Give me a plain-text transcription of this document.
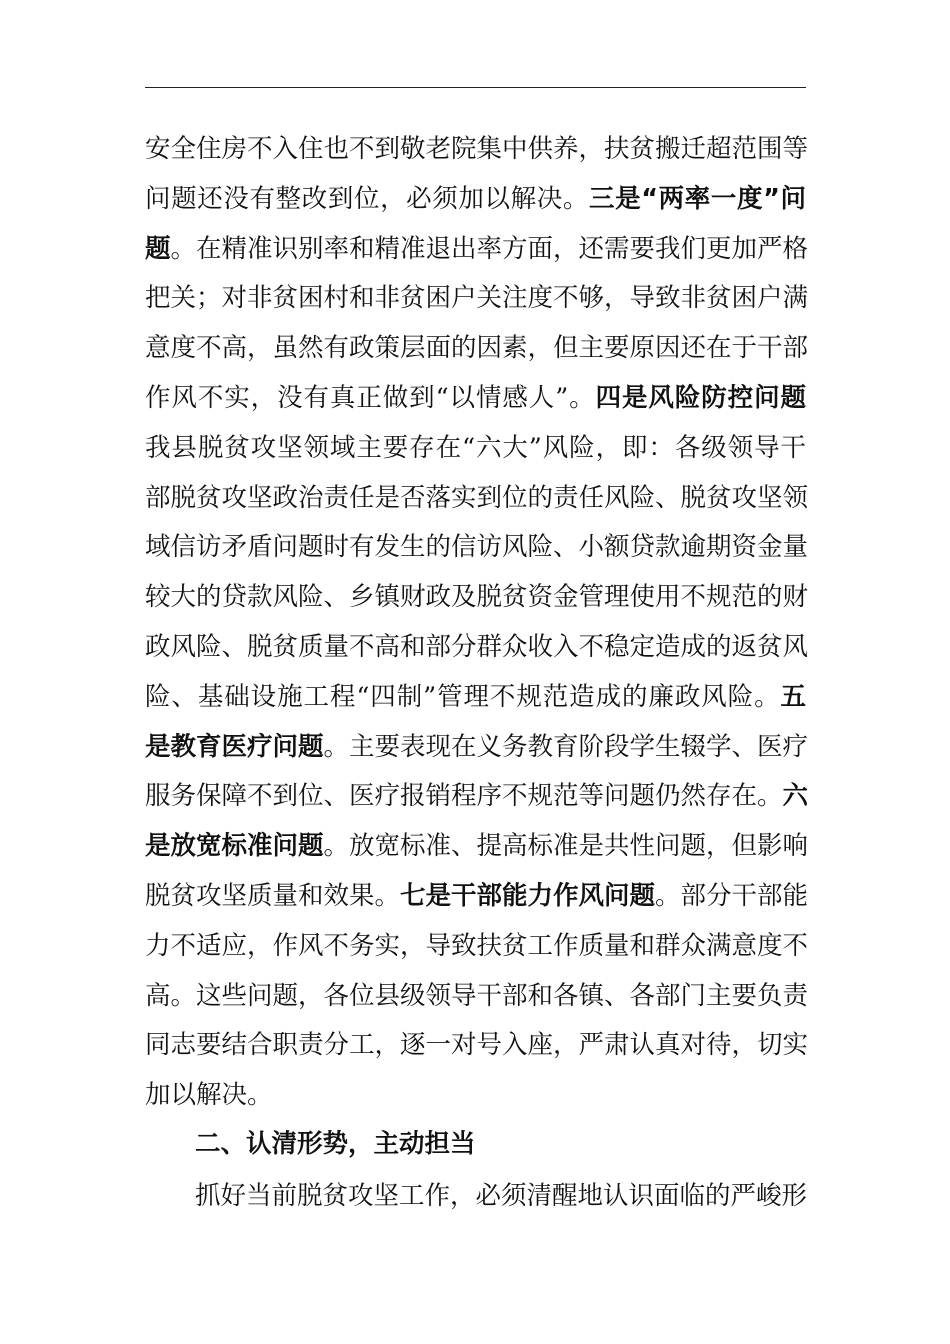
安全住房不入住也不到敬老院集中供养，扶贫搬迁超范围等
问题还没有整改到位，必须加以解决。三是“两率一度”问
题。在精准识别率和精准退出率方面，还需要我们更加严格
把关；对非贫困村和非贫困户关注度不够，导致非贫困户满
意度不高，虽然有政策层面的因素，但主要原因还在于干部
作风不实，没有真正做到“以情感人”。四是风险防控问题
我县脱贫攻坚领域主要存在“六大”风险，即：各级领导干
部脱贫攻坚政治责任是否落实到位的责任风险、脱贫攻坚领
域信访矛盾问题时有发生的信访风险、小额贷款逾期资金量
较大的贷款风险、乡镇财政及脱贫资金管理使用不规范的财
政风险、脱贫质量不高和部分群众收入不稳定造成的返贫风
险、基础设施工程“四制”管理不规范造成的廉政风险。五
是教育医疗问题。主要表现在义务教育阶段学生辍学、医疗
服务保障不到位、医疗报销程序不规范等问题仍然存在。六
是放宽标准问题。放宽标准、提高标准是共性问题，但影响
脱贫攻坚质量和效果。七是干部能力作风问题。部分干部能
力不适应，作风不务实，导致扶贫工作质量和群众满意度不
高。这些问题，各位县级领导干部和各镇、各部门主要负责
同志要结合职责分工，逐一对号入座，严肃认真对待，切实
加以解决。
二、认清形势，主动担当
抓好当前脱贫攻坚工作，必须清醒地认识面临的严峻形
